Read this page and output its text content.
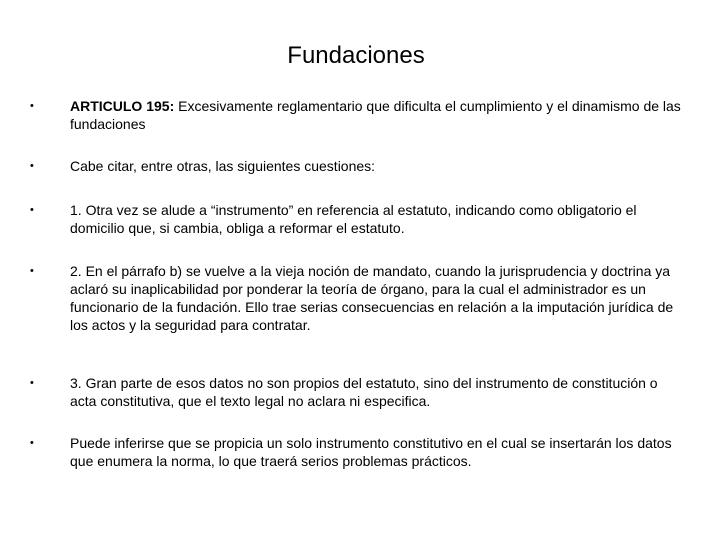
Fundaciones
•	ARTICULO 195: Excesivamente reglamentario que dificulta el cumplimiento y el dinamismo de las fundaciones
•	Cabe citar, entre otras, las siguientes cuestiones:
•	1. Otra vez se alude a “instrumento” en referencia al estatuto, indicando como obligatorio el domicilio que, si cambia, obliga a reformar el estatuto.
•	2. En el párrafo b) se vuelve a la vieja noción de mandato, cuando la jurisprudencia y doctrina ya aclaró su inaplicabilidad por ponderar la teoría de órgano, para la cual el administrador es un funcionario de la fundación. Ello trae serias consecuencias en relación a la imputación jurídica de los actos y la seguridad para contratar.
•	3. Gran parte de esos datos no son propios del estatuto, sino del instrumento de constitución o acta constitutiva, que el texto legal no aclara ni especifica.
•	Puede inferirse que se propicia un solo instrumento constitutivo en el cual se insertarán los datos que enumera la norma, lo que traerá serios problemas prácticos.
